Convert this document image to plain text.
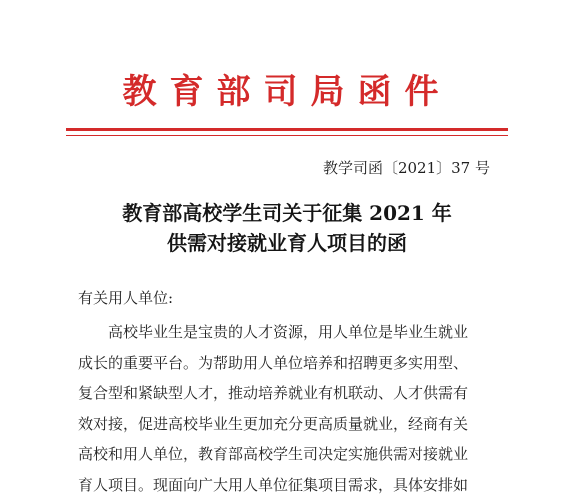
教育部司局函件
教学司函〔2021〕37 号
教育部高校学生司关于征集 2021 年
供需对接就业育人项目的函
有关用人单位:
高校毕业生是宝贵的人才资源，用人单位是毕业生就业
成长的重要平台。为帮助用人单位培养和招聘更多实用型、
复合型和紧缺型人才，推动培养就业有机联动、人才供需有
效对接，促进高校毕业生更加充分更高质量就业，经商有关
高校和用人单位，教育部高校学生司决定实施供需对接就业
育人项目。现面向广大用人单位征集项目需求，具体安排如
